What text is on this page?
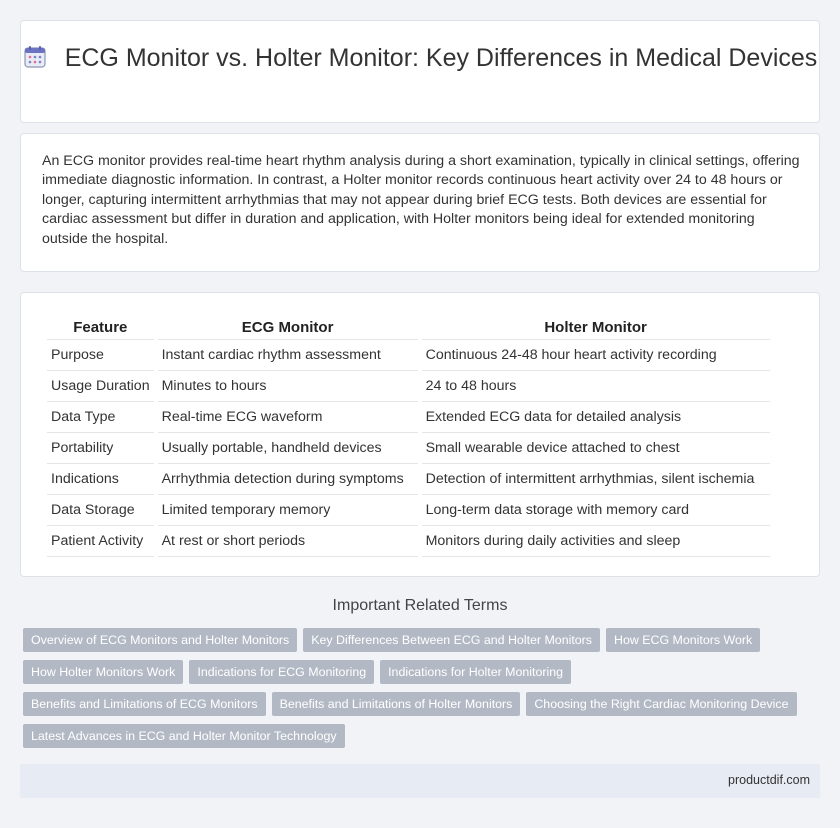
ECG Monitor vs. Holter Monitor: Key Differences in Medical Devices
An ECG monitor provides real-time heart rhythm analysis during a short examination, typically in clinical settings, offering immediate diagnostic information. In contrast, a Holter monitor records continuous heart activity over 24 to 48 hours or longer, capturing intermittent arrhythmias that may not appear during brief ECG tests. Both devices are essential for cardiac assessment but differ in duration and application, with Holter monitors being ideal for extended monitoring outside the hospital.
Feature	ECG Monitor	Holter Monitor
Purpose	Instant cardiac rhythm assessment	Continuous 24-48 hour heart activity recording
Usage Duration	Minutes to hours	24 to 48 hours
Data Type	Real-time ECG waveform	Extended ECG data for detailed analysis
Portability	Usually portable, handheld devices	Small wearable device attached to chest
Indications	Arrhythmia detection during symptoms	Detection of intermittent arrhythmias, silent ischemia
Data Storage	Limited temporary memory	Long-term data storage with memory card
Patient Activity	At rest or short periods	Monitors during daily activities and sleep
Important Related Terms
Overview of ECG Monitors and Holter Monitors	Key Differences Between ECG and Holter Monitors	How ECG Monitors Work
How Holter Monitors Work	Indications for ECG Monitoring	Indications for Holter Monitoring
Benefits and Limitations of ECG Monitors	Benefits and Limitations of Holter Monitors	Choosing the Right Cardiac Monitoring Device
Latest Advances in ECG and Holter Monitor Technology
productdif.com
